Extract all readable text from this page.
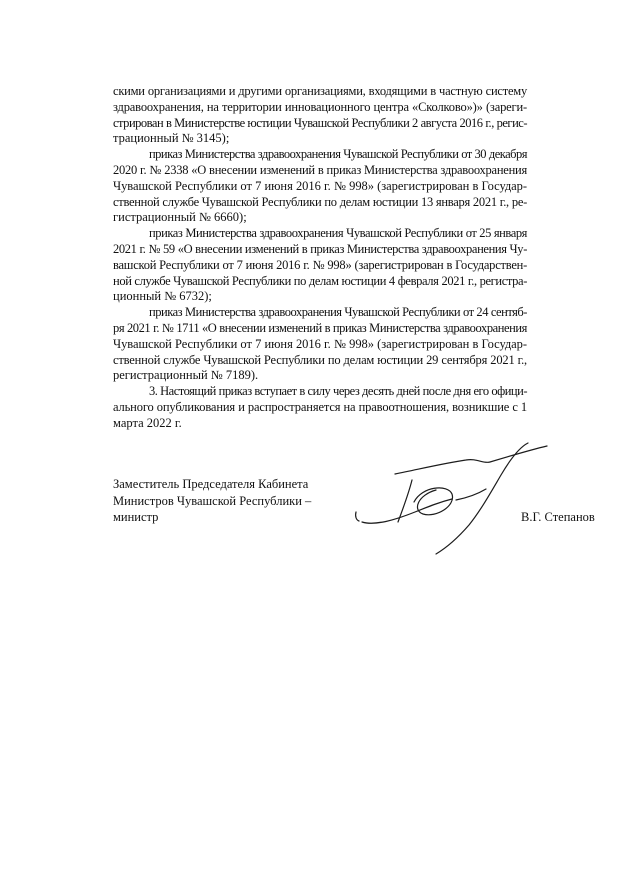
скими организациями и другими организациями, входящими в частную систему
здравоохранения, на территории инновационного центра «Сколково»)» (зареги-
стрирован в Министерстве юстиции Чувашской Республики 2 августа 2016 г., регис-
трационный № 3145);
приказ Министерства здравоохранения Чувашской Республики от 30 декабря
2020 г. № 2338 «О внесении изменений в приказ Министерства здравоохранения
Чувашской Республики от 7 июня 2016 г. № 998» (зарегистрирован в Государ-
ственной службе Чувашской Республики по делам юстиции 13 января 2021 г., ре-
гистрационный № 6660);
приказ Министерства здравоохранения Чувашской Республики от 25 января
2021 г. № 59 «О внесении изменений в приказ Министерства здравоохранения Чу-
вашской Республики от 7 июня 2016 г. № 998» (зарегистрирован в Государствен-
ной службе Чувашской Республики по делам юстиции 4 февраля 2021 г., регистра-
ционный № 6732);
приказ Министерства здравоохранения Чувашской Республики от 24 сентяб-
ря 2021 г. № 1711 «О внесении изменений в приказ Министерства здравоохранения
Чувашской Республики от 7 июня 2016 г. № 998» (зарегистрирован в Государ-
ственной службе Чувашской Республики по делам юстиции 29 сентября 2021 г.,
регистрационный № 7189).
3. Настоящий приказ вступает в силу через десять дней после дня его офици-
ального опубликования и распространяется на правоотношения, возникшие с 1
марта 2022 г.
Заместитель Председателя Кабинета
Министров Чувашской Республики –
министр	В.Г. Степанов
